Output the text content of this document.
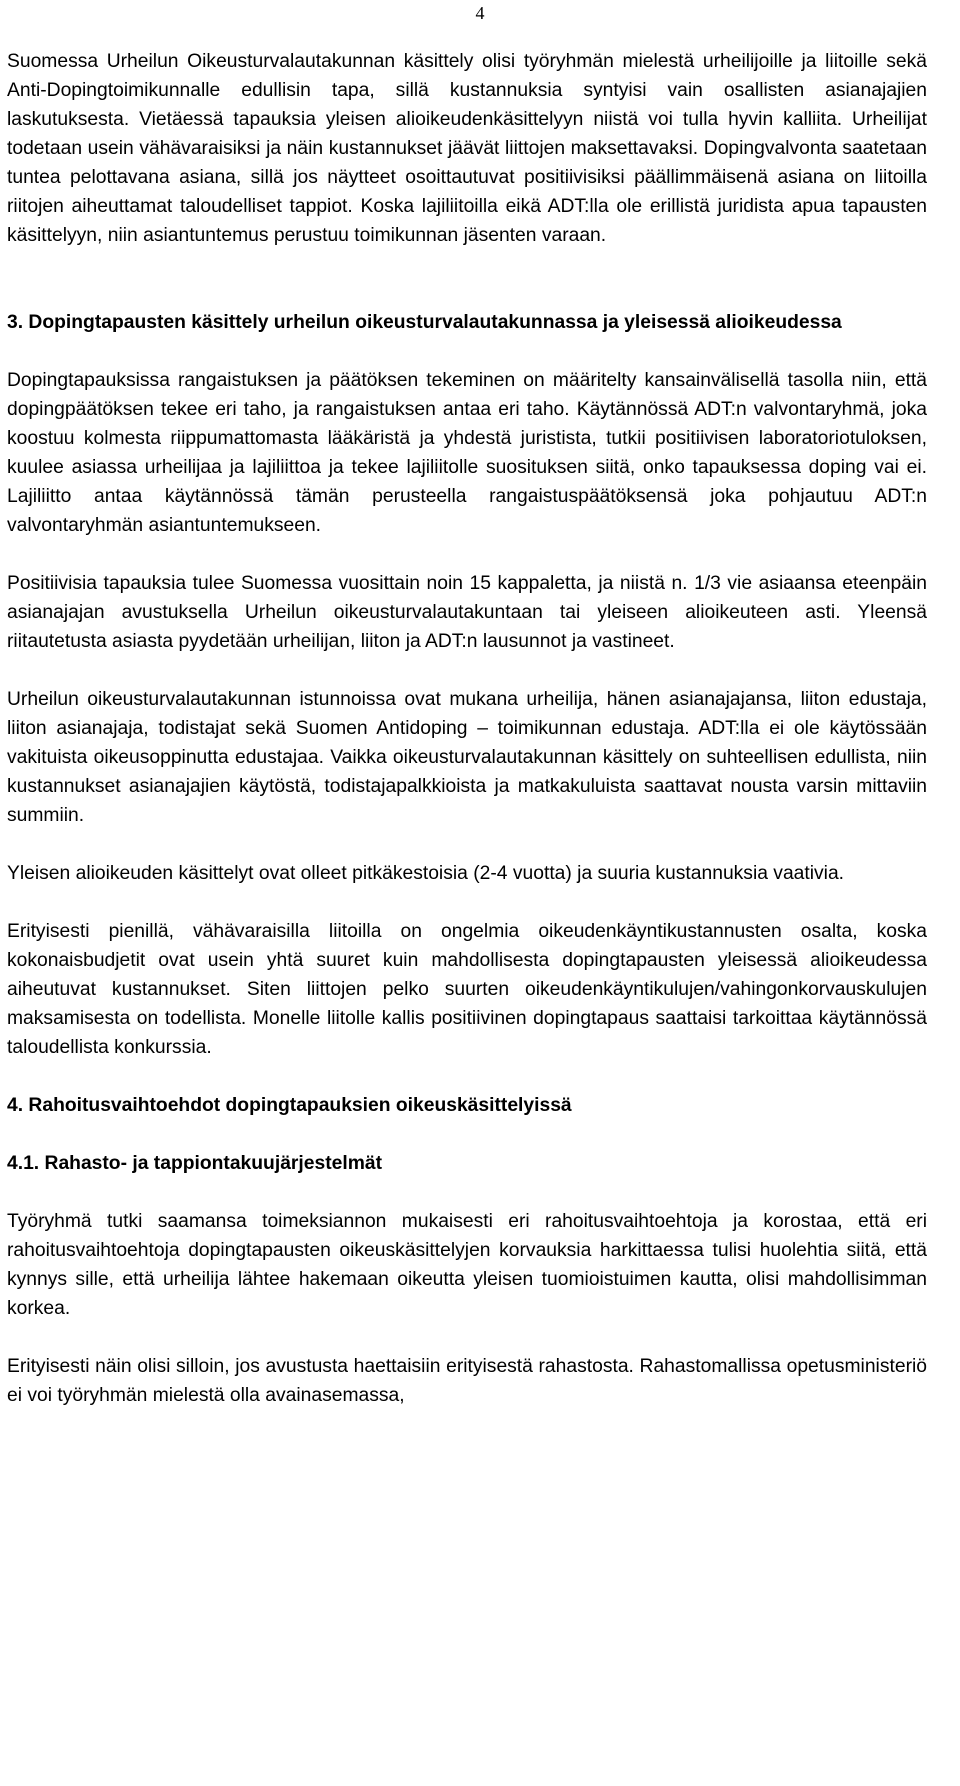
4

Suomessa Urheilun Oikeusturvalautakunnan käsittely olisi työryhmän mielestä urheilijoille ja liitoille sekä Anti-Dopingtoimikunnalle edullisin tapa, sillä kustannuksia syntyisi vain osallisten asianajajien laskutuksesta. Vietäessä tapauksia yleisen alioikeudenkäsittelyyn niistä voi tulla hyvin kalliita. Urheilijat todetaan usein vähävaraisiksi ja näin kustannukset jäävät liittojen maksettavaksi. Dopingvalvonta saatetaan tuntea pelottavana asiana, sillä jos näytteet osoittautuvat positiivisiksi päällimmäisenä asiana on liitoilla riitojen aiheuttamat taloudelliset tappiot. Koska lajiliitoilla eikä ADT:lla ole erillistä juridista apua tapausten käsittelyyn, niin asiantuntemus perustuu toimikunnan jäsenten varaan.

3. Dopingtapausten käsittely urheilun oikeusturvalautakunnassa ja yleisessä alioikeudessa

Dopingtapauksissa rangaistuksen ja päätöksen tekeminen on määritelty kansainvälisellä tasolla niin, että dopingpäätöksen tekee eri taho, ja rangaistuksen antaa eri taho. Käytännössä ADT:n valvontaryhmä, joka koostuu kolmesta riippumattomasta lääkäristä ja yhdestä juristista, tutkii positiivisen laboratoriotuloksen, kuulee asiassa urheilijaa ja lajiliittoa ja tekee lajiliitolle suosituksen siitä, onko tapauksessa doping vai ei. Lajiliitto antaa käytännössä tämän perusteella rangaistuspäätöksensä joka pohjautuu ADT:n valvontaryhmän asiantuntemukseen.

Positiivisia tapauksia tulee Suomessa vuosittain noin 15 kappaletta, ja niistä n. 1/3 vie asiaansa eteenpäin asianajajan avustuksella Urheilun oikeusturvalautakuntaan tai yleiseen alioikeuteen asti. Yleensä riitautetusta asiasta pyydetään urheilijan, liiton ja ADT:n lausunnot ja vastineet.

Urheilun oikeusturvalautakunnan istunnoissa ovat mukana urheilija, hänen asianajajansa, liiton edustaja, liiton asianajaja, todistajat sekä Suomen Antidoping – toimikunnan edustaja. ADT:lla ei ole käytössään vakituista oikeusoppinutta edustajaa. Vaikka oikeusturvalautakunnan käsittely on suhteellisen edullista, niin kustannukset asianajajien käytöstä, todistajapalkkioista ja matkakuluista saattavat nousta varsin mittaviin summiin.

Yleisen alioikeuden käsittelyt ovat olleet pitkäkestoisia (2-4 vuotta) ja suuria kustannuksia vaativia.

Erityisesti pienillä, vähävaraisilla liitoilla on ongelmia oikeudenkäyntikustannusten osalta, koska kokonaisbudjetit ovat usein yhtä suuret kuin mahdollisesta dopingtapausten yleisessä alioikeudessa aiheutuvat kustannukset. Siten liittojen pelko suurten oikeudenkäyntikulujen/vahingonkorvauskulujen maksamisesta on todellista. Monelle liitolle kallis positiivinen dopingtapaus saattaisi tarkoittaa käytännössä taloudellista konkurssia.

4. Rahoitusvaihtoehdot dopingtapauksien oikeuskäsittelyissä

4.1. Rahasto- ja tappiontakuujärjestelmät

Työryhmä tutki saamansa toimeksiannon mukaisesti eri rahoitusvaihtoehtoja ja korostaa, että eri rahoitusvaihtoehtoja dopingtapausten oikeuskäsittelyjen korvauksia harkittaessa tulisi huolehtia siitä, että kynnys sille, että urheilija lähtee hakemaan oikeutta yleisen tuomioistuimen kautta, olisi mahdollisimman korkea.

Erityisesti näin olisi silloin, jos avustusta haettaisiin erityisestä rahastosta. Rahastomallissa opetusministeriö ei voi työryhmän mielestä olla avainasemassa,
